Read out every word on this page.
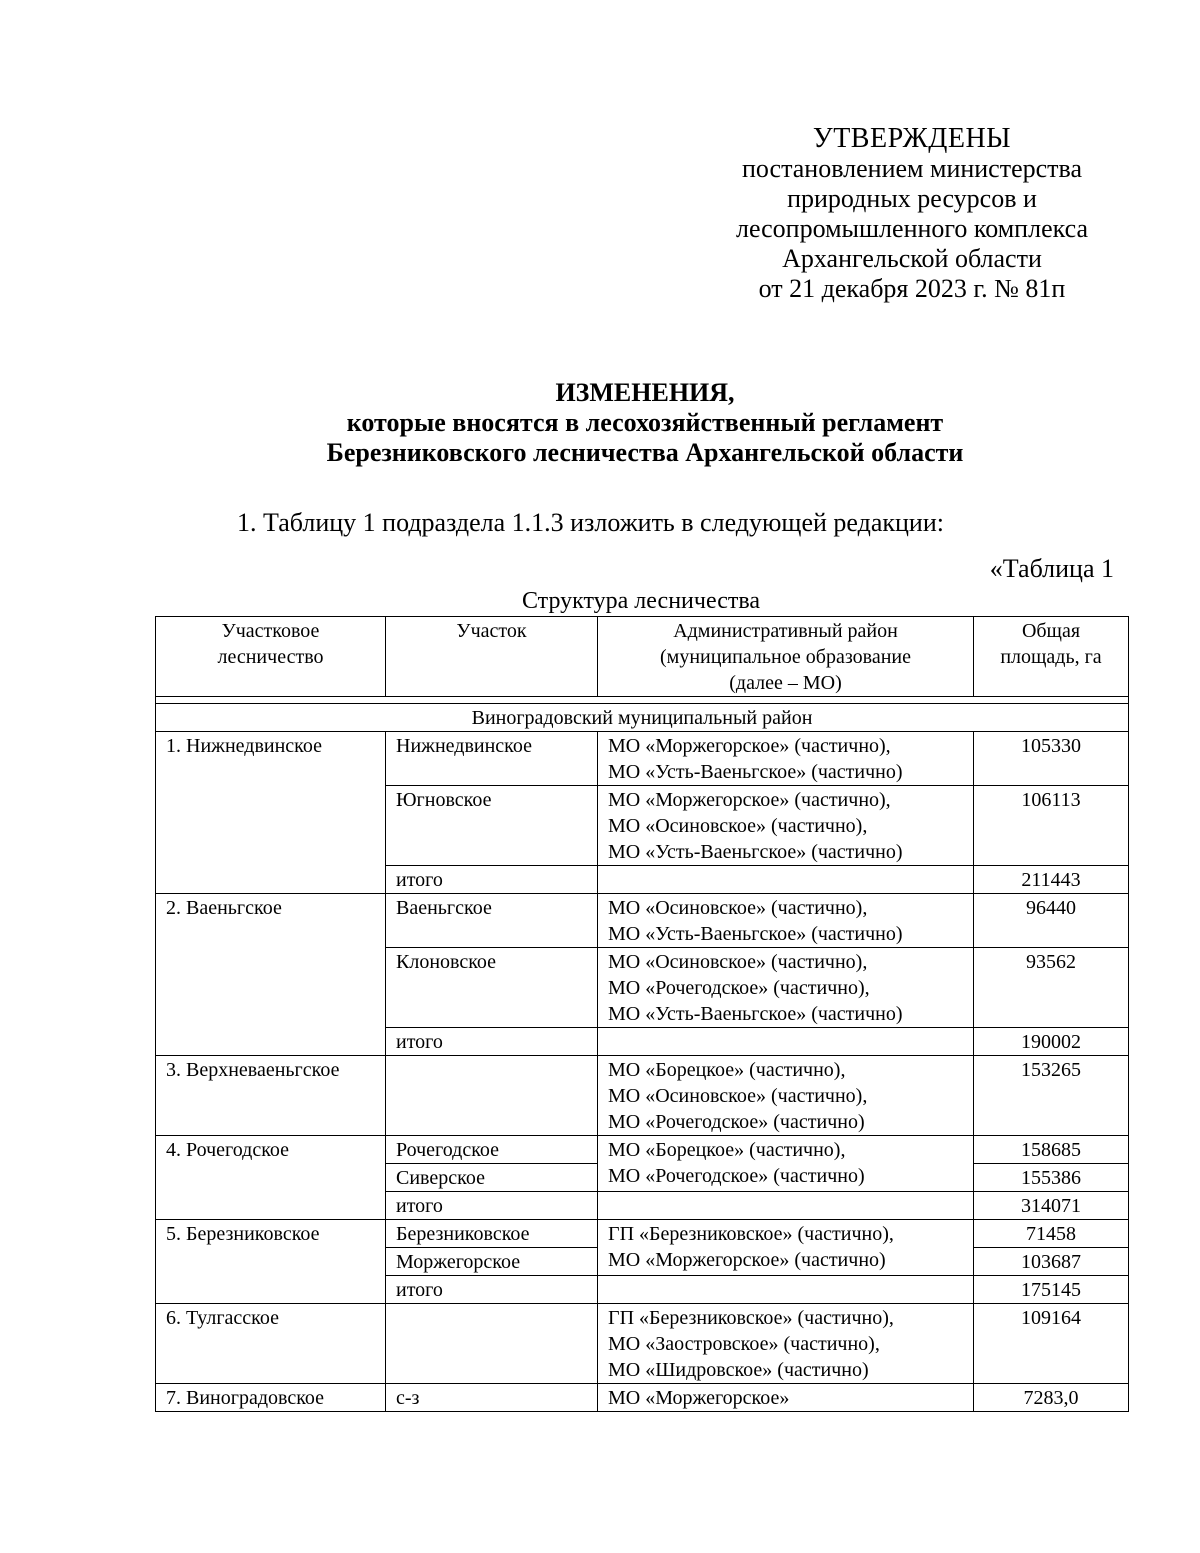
УТВЕРЖДЕНЫ
постановлением министерства
природных ресурсов и
лесопромышленного комплекса
Архангельской области
от 21 декабря 2023 г. № 81п
ИЗМЕНЕНИЯ,
которые вносятся в лесохозяйственный регламент
Березниковского лесничества Архангельской области
1. Таблицу 1 подраздела 1.1.3 изложить в следующей редакции:
«Таблица 1
Структура лесничества
Участковое
лесничество	Участок	Административный район
(муниципальное образование
(далее – МО)	Общая
площадь, га

Виноградовский муниципальный район			
1. Нижнедвинское	Нижнедвинское	МО «Моржегорское» (частично),
МО «Усть-Ваеньгское» (частично)	105330
	Югновское	МО «Моржегорское» (частично),
МО «Осиновское» (частично),
МО «Усть-Ваеньгское» (частично)	106113
	итого		211443
2. Ваеньгское	Ваеньгское	МО «Осиновское» (частично),
МО «Усть-Ваеньгское» (частично)	96440
	Клоновское	МО «Осиновское» (частично),
МО «Рочегодское» (частично),
МО «Усть-Ваеньгское» (частично)	93562
	итого		190002
3. Верхневаеньгское		МО «Борецкое» (частично),
МО «Осиновское» (частично),
МО «Рочегодское» (частично)	153265
4. Рочегодское	Рочегодское	МО «Борецкое» (частично),
МО «Рочегодское» (частично)	158685
	Сиверское		155386
	итого		314071
5. Березниковское	Березниковское	ГП «Березниковское» (частично),
МО «Моржегорское» (частично)	71458
	Моржегорское		103687
	итого		175145
6. Тулгасское		ГП «Березниковское» (частично),
МО «Заостровское» (частично),
МО «Шидровское» (частично)	109164
7. Виноградовское	с-з	МО «Моржегорское»	7283,0
